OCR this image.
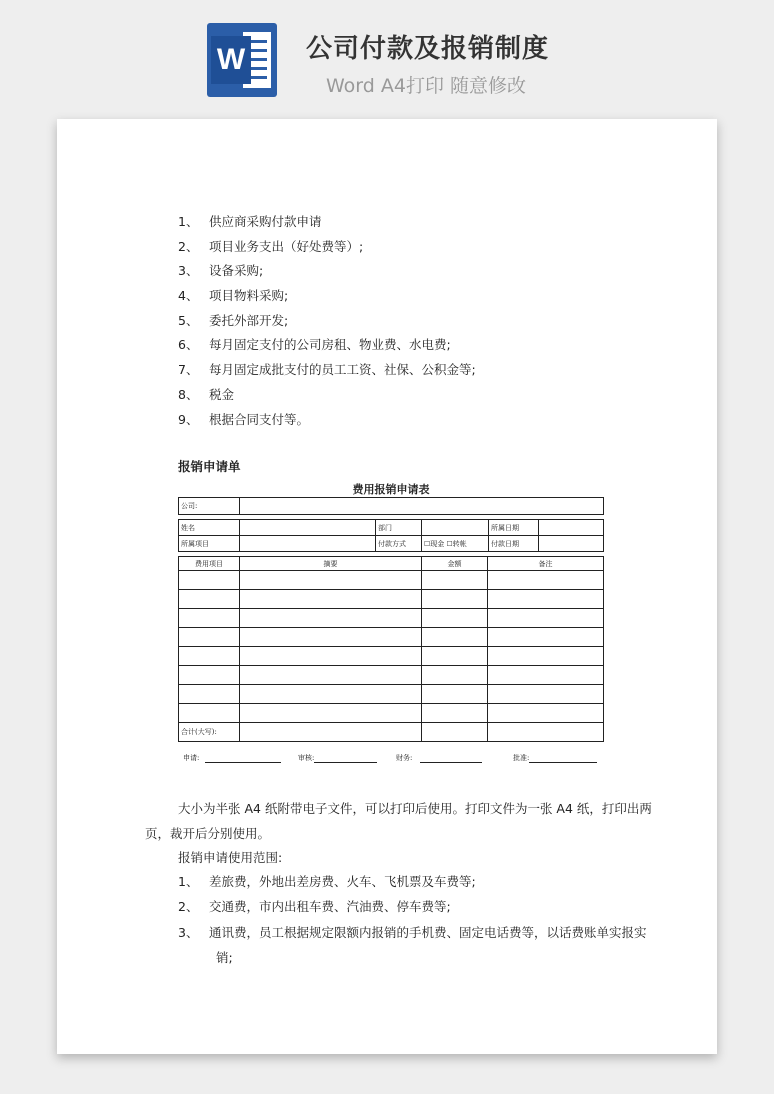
W 公司付款及报销制度
Word A4打印 随意修改
1、 供应商采购付款申请
2、 项目业务支出（好处费等）;
3、 设备采购;
4、 项目物料采购;
5、 委托外部开发;
6、 每月固定支付的公司房租、物业费、水电费;
7、 每月固定成批支付的员工工资、社保、公积金等;
8、 税金
9、 根据合同支付等。
报销申请单
费用报销申请表
公司:	
姓名		部门		所属日期	
所属项目		付款方式	☐现金 ☐转帐	付款日期	
费用项目	摘要	金额	备注

合计(大写):			
申请:	审核:	财务:	批准:
大小为半张 A4 纸附带电子文件，可以打印后使用。打印文件为一张 A4 纸，打印出两
页，裁开后分别使用。
报销申请使用范围:
1、 差旅费，外地出差房费、火车、飞机票及车费等;
2、 交通费，市内出租车费、汽油费、停车费等;
3、 通讯费，员工根据规定限额内报销的手机费、固定电话费等，以话费账单实报实
销;
